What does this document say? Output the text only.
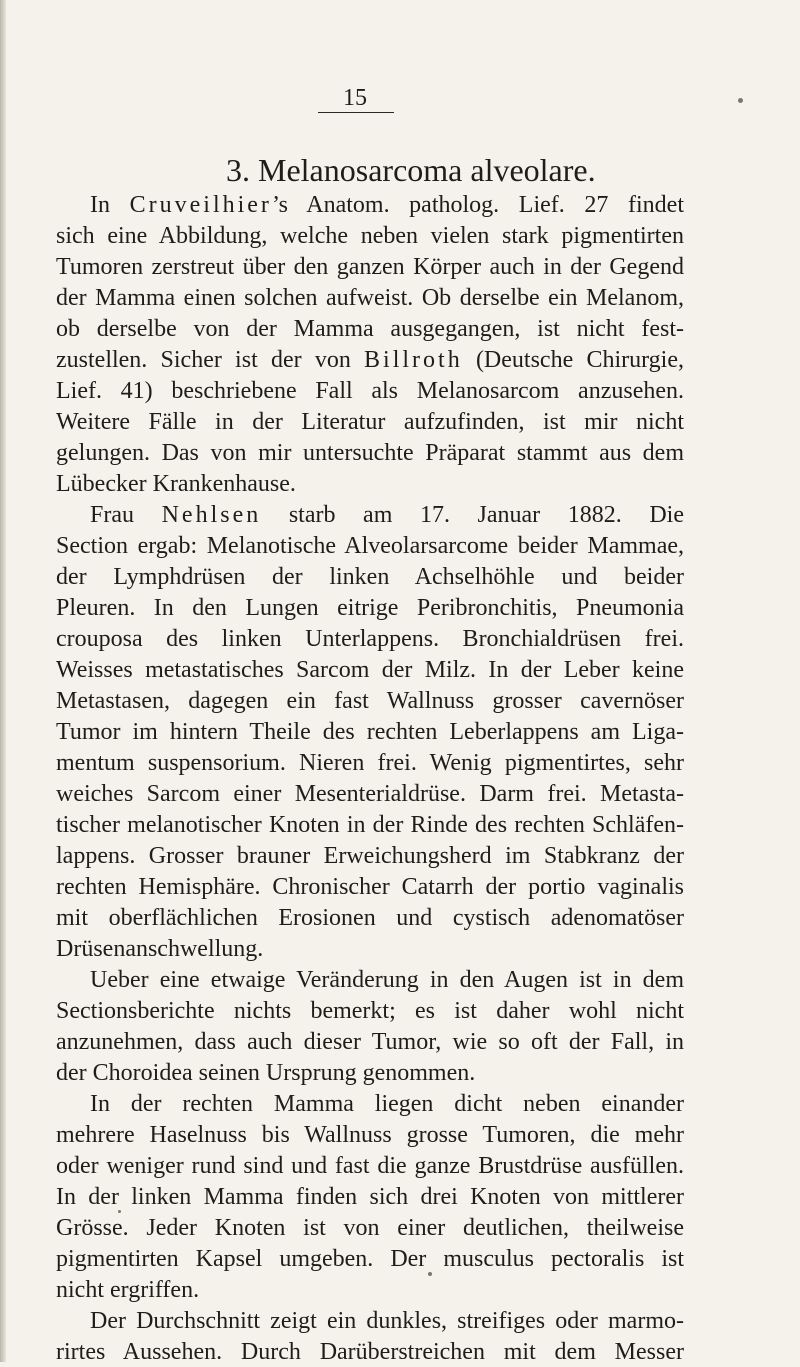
15
3. Melanosarcoma alveolare.
In Cruveilhier’s Anatom. patholog. Lief. 27 findet
sich eine Abbildung, welche neben vielen stark pigmentirten
Tumoren zerstreut über den ganzen Körper auch in der Gegend
der Mamma einen solchen aufweist. Ob derselbe ein Melanom,
ob derselbe von der Mamma ausgegangen, ist nicht fest-
zustellen. Sicher ist der von Billroth (Deutsche Chirurgie,
Lief. 41) beschriebene Fall als Melanosarcom anzusehen.
Weitere Fälle in der Literatur aufzufinden, ist mir nicht
gelungen. Das von mir untersuchte Präparat stammt aus dem
Lübecker Krankenhause.
Frau Nehlsen starb am 17. Januar 1882. Die
Section ergab: Melanotische Alveolarsarcome beider Mammae,
der Lymphdrüsen der linken Achselhöhle und beider
Pleuren. In den Lungen eitrige Peribronchitis, Pneumonia
crouposa des linken Unterlappens. Bronchialdrüsen frei.
Weisses metastatisches Sarcom der Milz. In der Leber keine
Metastasen, dagegen ein fast Wallnuss grosser cavernöser
Tumor im hintern Theile des rechten Leberlappens am Liga-
mentum suspensorium. Nieren frei. Wenig pigmentirtes, sehr
weiches Sarcom einer Mesenterialdrüse. Darm frei. Metasta-
tischer melanotischer Knoten in der Rinde des rechten Schläfen-
lappens. Grosser brauner Erweichungsherd im Stabkranz der
rechten Hemisphäre. Chronischer Catarrh der portio vaginalis
mit oberflächlichen Erosionen und cystisch adenomatöser
Drüsenanschwellung.
Ueber eine etwaige Veränderung in den Augen ist in dem
Sectionsberichte nichts bemerkt; es ist daher wohl nicht
anzunehmen, dass auch dieser Tumor, wie so oft der Fall, in
der Choroidea seinen Ursprung genommen.
In der rechten Mamma liegen dicht neben einander
mehrere Haselnuss bis Wallnuss grosse Tumoren, die mehr
oder weniger rund sind und fast die ganze Brustdrüse ausfüllen.
In der linken Mamma finden sich drei Knoten von mittlerer
Grösse. Jeder Knoten ist von einer deutlichen, theilweise
pigmentirten Kapsel umgeben. Der musculus pectoralis ist
nicht ergriffen.
Der Durchschnitt zeigt ein dunkles, streifiges oder marmo-
rirtes Aussehen. Durch Darüberstreichen mit dem Messer
